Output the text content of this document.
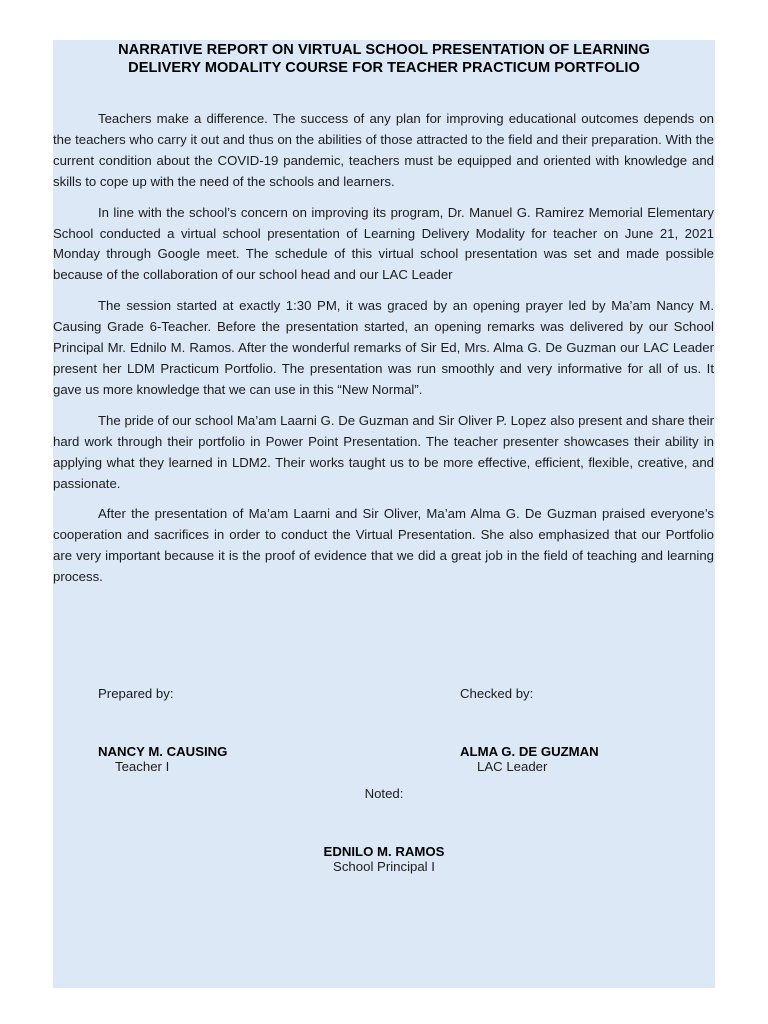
NARRATIVE REPORT ON VIRTUAL SCHOOL PRESENTATION OF LEARNING
DELIVERY MODALITY COURSE FOR TEACHER PRACTICUM PORTFOLIO

Teachers make a difference. The success of any plan for improving educational outcomes depends on the teachers who carry it out and thus on the abilities of those attracted to the field and their preparation. With the current condition about the COVID-19 pandemic, teachers must be equipped and oriented with knowledge and skills to cope up with the need of the schools and learners.

In line with the school’s concern on improving its program, Dr. Manuel G. Ramirez Memorial Elementary School conducted a virtual school presentation of Learning Delivery Modality for teacher on June 21, 2021 Monday through Google meet. The schedule of this virtual school presentation was set and made possible because of the collaboration of our school head and our LAC Leader

The session started at exactly 1:30 PM, it was graced by an opening prayer led by Ma’am Nancy M. Causing Grade 6-Teacher. Before the presentation started, an opening remarks was delivered by our School Principal Mr. Ednilo M. Ramos. After the wonderful remarks of Sir Ed, Mrs. Alma G. De Guzman our LAC Leader present her LDM Practicum Portfolio. The presentation was run smoothly and very informative for all of us. It gave us more knowledge that we can use in this “New Normal”.

The pride of our school Ma’am Laarni G. De Guzman and Sir Oliver P. Lopez also present and share their hard work through their portfolio in Power Point Presentation. The teacher presenter showcases their ability in applying what they learned in LDM2. Their works taught us to be more effective, efficient, flexible, creative, and passionate.

After the presentation of Ma’am Laarni and Sir Oliver, Ma’am Alma G. De Guzman praised everyone’s cooperation and sacrifices in order to conduct the Virtual Presentation. She also emphasized that our Portfolio are very important because it is the proof of evidence that we did a great job in the field of teaching and learning process.

Prepared by:	Checked by:
NANCY M. CAUSING
Teacher I
ALMA G. DE GUZMAN
LAC Leader
Noted:
EDNILO M. RAMOS
School Principal I
